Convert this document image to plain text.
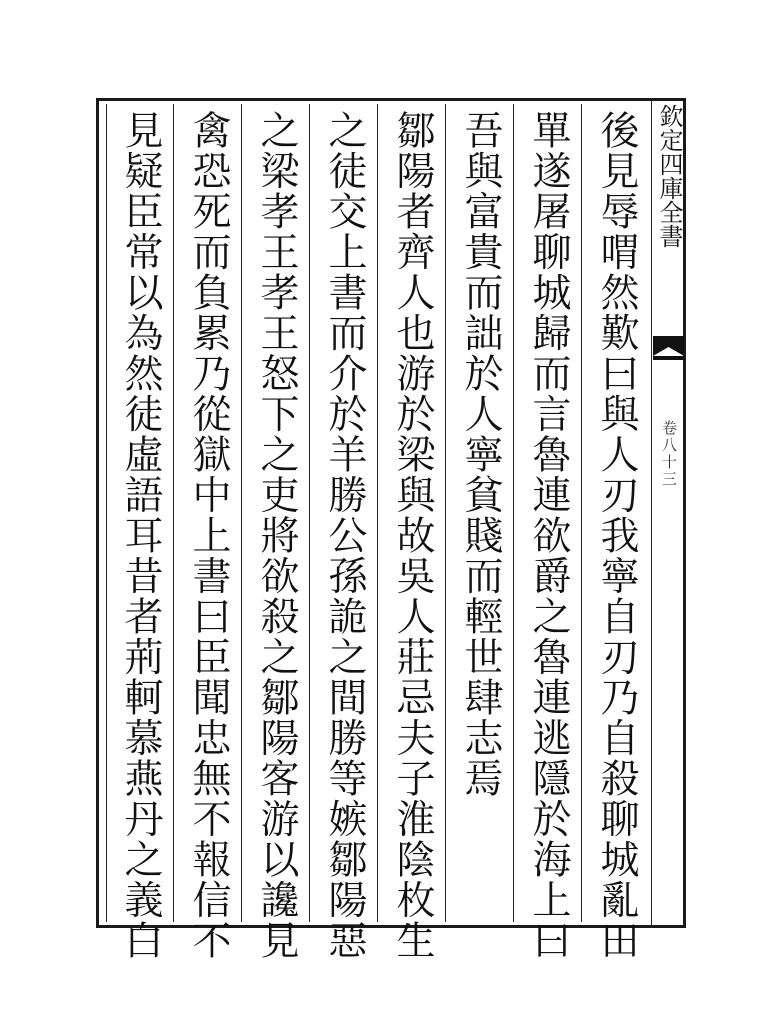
欽定四庫全書

卷八十三

後見辱喟然歎曰與人刃我寧自刃乃自殺聊城亂田

單遂屠聊城歸而言魯連欲爵之魯連逃隱於海上曰

吾與富貴而詘於人寧貧賤而輕世肆志焉

鄒陽者齊人也游於梁與故吳人莊忌夫子淮陰枚生

之徒交上書而介於羊勝公孫詭之間勝等嫉鄒陽惡

之梁孝王孝王怒下之吏將欲殺之鄒陽客游以讒見

禽恐死而負累乃從獄中上書曰臣聞忠無不報信不

見疑臣常以為然徒虛語耳昔者荊軻慕燕丹之義白
